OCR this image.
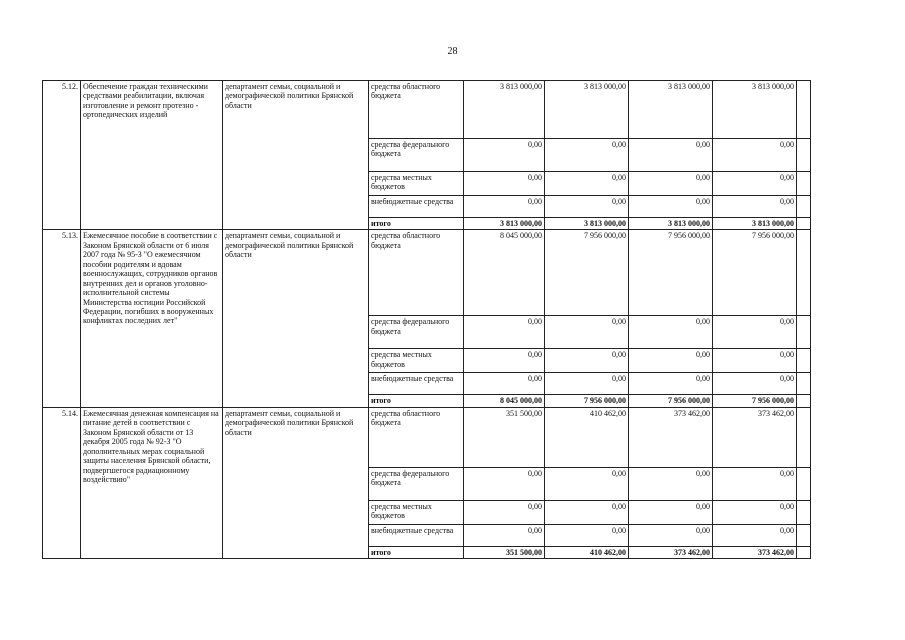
28
5.12.	Обеспечение граждан техническими средствами реабилитации, включая изготовление и ремонт протезно - ортопедических изделий	департамент семьи, социальной и демографической политики Брянской области	средства областного бюджета	3 813 000,00	3 813 000,00	3 813 000,00	3 813 000,00	
			средства федерального бюджета	0,00	0,00	0,00	0,00	
			средства местных бюджетов	0,00	0,00	0,00	0,00	
			внебюджетные средства	0,00	0,00	0,00	0,00	
			итого	3 813 000,00	3 813 000,00	3 813 000,00	3 813 000,00	
5.13.	Ежемесячное пособие в соответствии с Законом Брянской области от 6 июля 2007 года № 95-З "О ежемесячном пособии родителям и вдовам военнослужащих, сотрудников органов внутренних дел и органов уголовно-исполнительной системы Министерства юстиции Российской Федерации, погибших в вооруженных конфликтах последних лет"	департамент семьи, социальной и демографической политики Брянской области	средства областного бюджета	8 045 000,00	7 956 000,00	7 956 000,00	7 956 000,00	
			средства федерального бюджета	0,00	0,00	0,00	0,00	
			средства местных бюджетов	0,00	0,00	0,00	0,00	
			внебюджетные средства	0,00	0,00	0,00	0,00	
			итого	8 045 000,00	7 956 000,00	7 956 000,00	7 956 000,00	
5.14.	Ежемесячная денежная компенсация на питание детей в соответствии с Законом Брянской области от 13 декабря 2005 года № 92-З "О дополнительных мерах социальной защиты населения Брянской области, подвергшегося радиационному воздействию"	департамент семьи, социальной и демографической политики Брянской области	средства областного бюджета	351 500,00	410 462,00	373 462,00	373 462,00	
			средства федерального бюджета	0,00	0,00	0,00	0,00	
			средства местных бюджетов	0,00	0,00	0,00	0,00	
			внебюджетные средства	0,00	0,00	0,00	0,00	
			итого	351 500,00	410 462,00	373 462,00	373 462,00	
